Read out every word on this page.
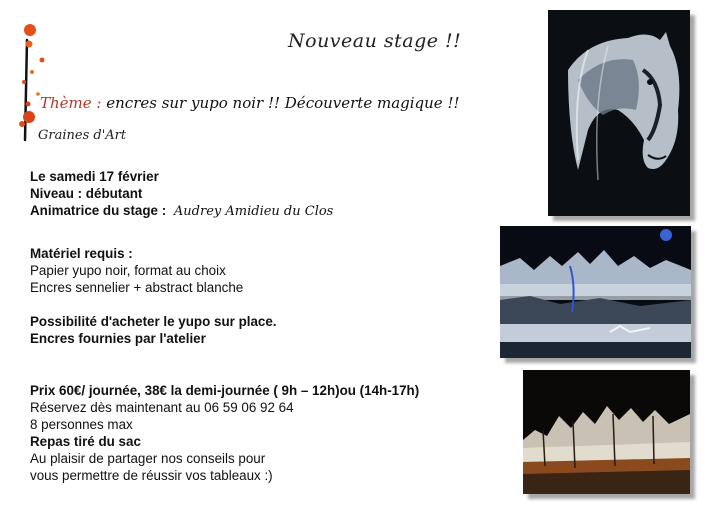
Nouveau stage !!
Thème : encres sur yupo noir !! Découverte magique !!
Graines d'Art
Le samedi 17 février
Niveau : débutant
Animatrice du stage : Audrey Amidieu du Clos
Matériel requis :
Papier yupo noir, format au choix
Encres sennelier + abstract blanche
Possibilité d'acheter le yupo sur place.
Encres fournies par l'atelier
Prix 60€/ journée, 38€ la demi-journée ( 9h – 12h)ou (14h-17h)
Réservez dès maintenant au 06 59 06 92 64
8 personnes max
Repas tiré du sac
Au plaisir de partager nos conseils pour
vous permettre de réussir vos tableaux :)
